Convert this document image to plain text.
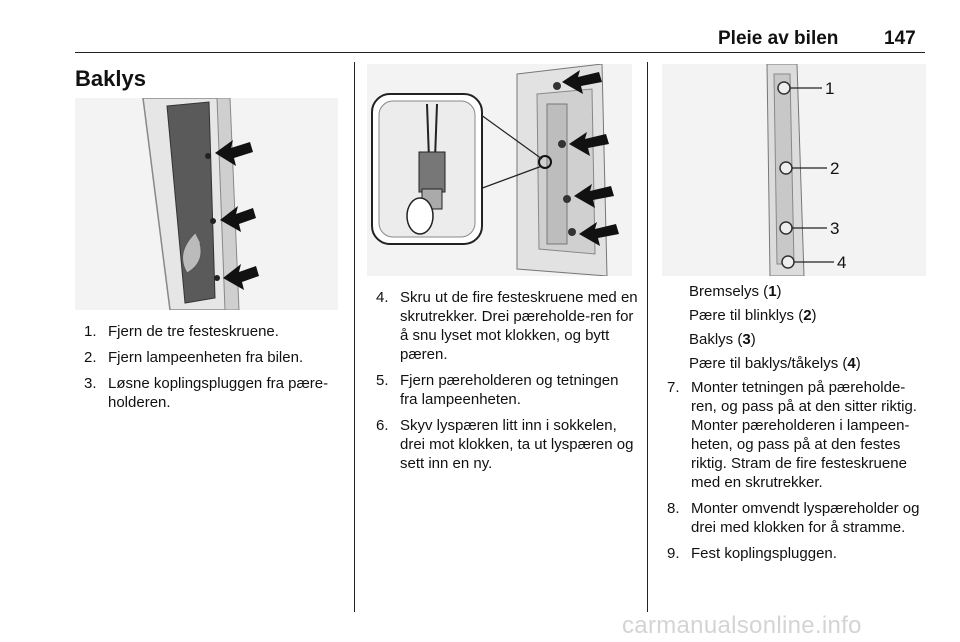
Pleie av bilen 147
Baklys
1. Fjern de tre festeskruene.
2. Fjern lampeenheten fra bilen.
3. Løsne koplingspluggen fra pære-
holderen.
4. Skru ut de fire festeskruene med en skrutrekker. Drei pæreholde-ren for å snu lyset mot klokken, og bytt pæren.
5. Fjern pæreholderen og tetningen fra lampeenheten.
6. Skyv lyspæren litt inn i sokkelen, drei mot klokken, ta ut lyspæren og sett inn en ny.
1
2
3
4
Bremselys (1)
Pære til blinklys (2)
Baklys (3)
Pære til baklys/tåkelys (4)
7. Monter tetningen på pæreholde-ren, og pass på at den sitter riktig. Monter pæreholderen i lampeen-heten, og pass på at den festes riktig. Stram de fire festeskruene med en skrutrekker.
8. Monter omvendt lyspæreholder og drei med klokken for å stramme.
9. Fest koplingspluggen.
carmanualsonline.info
